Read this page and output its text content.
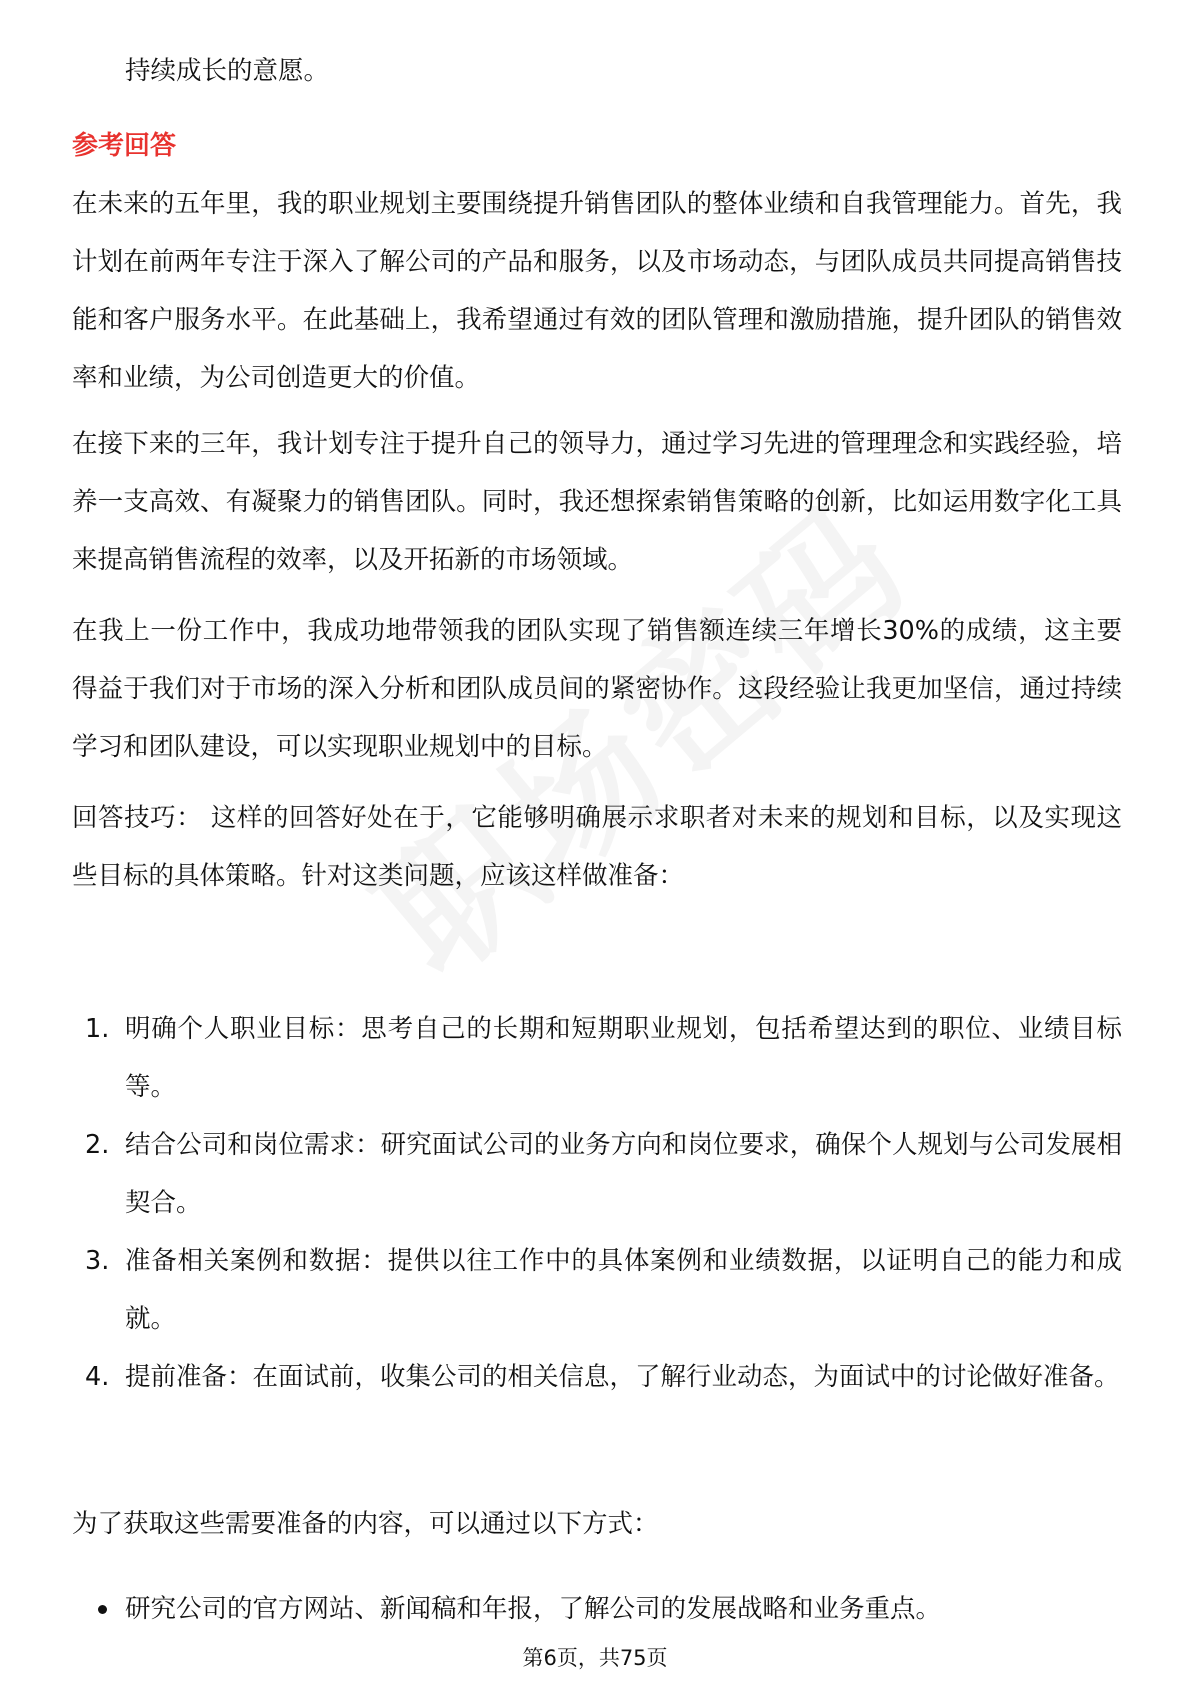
持续成长的意愿。

参考回答

在未来的五年里，我的职业规划主要围绕提升销售团队的整体业绩和自我管理能力。首先，我计划在前两年专注于深入了解公司的产品和服务，以及市场动态，与团队成员共同提高销售技能和客户服务水平。在此基础上，我希望通过有效的团队管理和激励措施，提升团队的销售效率和业绩，为公司创造更大的价值。

在接下来的三年，我计划专注于提升自己的领导力，通过学习先进的管理理念和实践经验，培养一支高效、有凝聚力的销售团队。同时，我还想探索销售策略的创新，比如运用数字化工具来提高销售流程的效率，以及开拓新的市场领域。

在我上一份工作中，我成功地带领我的团队实现了销售额连续三年增长30%的成绩，这主要得益于我们对于市场的深入分析和团队成员间的紧密协作。这段经验让我更加坚信，通过持续学习和团队建设，可以实现职业规划中的目标。

回答技巧： 这样的回答好处在于，它能够明确展示求职者对未来的规划和目标，以及实现这些目标的具体策略。针对这类问题，应该这样做准备：

1. 明确个人职业目标：思考自己的长期和短期职业规划，包括希望达到的职位、业绩目标等。
2. 结合公司和岗位需求：研究面试公司的业务方向和岗位要求，确保个人规划与公司发展相契合。
3. 准备相关案例和数据：提供以往工作中的具体案例和业绩数据，以证明自己的能力和成就。
4. 提前准备：在面试前，收集公司的相关信息，了解行业动态，为面试中的讨论做好准备。

为了获取这些需要准备的内容，可以通过以下方式：

研究公司的官方网站、新闻稿和年报，了解公司的发展战略和业务重点。
第6页，共75页
